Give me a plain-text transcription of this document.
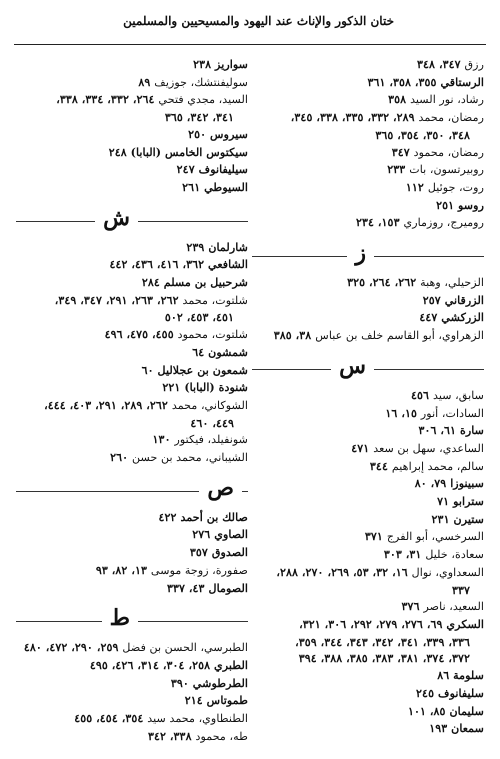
ختان الذكور والإناث عند اليهود والمسيحيين والمسلمين
رزق ٣٤٧، ٣٤٨
الرستاقي ٣٥٥، ٣٥٨، ٣٦١
رشاد، نور السيد ٣٥٨
رمضان، محمد ٢٨٩، ٣٣٢، ٣٣٥، ٣٣٨، ٣٤٥،
٣٤٨، ٣٥٠، ٣٥٤، ٣٦٥
رمضان، محمود ٣٤٧
روبيرتسون، بات ٢٣٣
روت، جوئيل ١١٢
روسو ٢٥١
روميرج، روزماري ١٥٣، ٢٣٤
ز
الزحيلي، وهبة ٢٦٢، ٢٦٤، ٣٢٥
الزرقاني ٢٥٧
الزركشي ٤٤٧
الزهراوي، أبو القاسم خلف بن عباس ٣٨، ٣٨٥
س
سابق، سيد ٤٥٦
السادات، أنور ١٥، ١٦
سارة ٦١، ٣٠٦
الساعدي، سهل بن سعد ٤٧١
سالم، محمد إبراهيم ٣٤٤
سبينوزا ٧٩، ٨٠
سترابو ٧١
ستيرن ٢٣١
السرخسي، أبو الفرج ٣٧١
سعادة، خليل ٣١، ٣٠٣
السعداوي، نوال ١٦، ٣٢، ٥٣، ٢٦٩، ٢٧٠، ٢٨٨،
٣٣٧
السعيد، ناصر ٣٧٦
السكري ٦٩، ٢٧٦، ٢٧٩، ٢٩٢، ٣٠٦، ٣٢١،
٣٣٦، ٣٣٩، ٣٤١، ٣٤٢، ٣٤٣، ٣٤٤، ٣٥٩،
٣٧٢، ٣٧٤، ٣٨١، ٣٨٣، ٣٨٥، ٣٨٨، ٣٩٤
سلومة ٨٦
سليفانوف ٢٤٥
سليمان ٨٥، ١٠١
سمعان ١٩٣
سواريز ٢٣٨
سوليفنتشك، جوزيف ٨٩
السيد، مجدي فتحي ٢٦٤، ٣٣٢، ٣٣٤، ٣٣٨،
٣٤١، ٣٤٢، ٣٦٥
سيروس ٢٥٠
سيكتوس الخامس (البابا) ٢٤٨
سيليفانوف ٢٤٧
السيوطي ٢٦١
ش
شارلمان ٢٣٩
الشافعي ٣٦٢، ٤١٦، ٤٣٦، ٤٤٢
شرحبيل بن مسلم ٢٨٤
شلتوت، محمد ٢٦٢، ٢٦٣، ٢٩١، ٣٤٧، ٣٤٩،
٤٥١، ٤٥٣، ٥٠٢
شلتوت، محمود ٤٥٥، ٤٧٥، ٤٩٦
شمشون ٦٤
شمعون بن عجلاليل ٦٠
شنودة (البابا) ٢٢١
الشوكاني، محمد ٢٦٢، ٢٨٩، ٢٩١، ٤٠٣، ٤٤٤،
٤٤٩، ٤٦٠
شونفيلد، فيكتور ١٣٠
الشيباني، محمد بن حسن ٢٦٠
ص
صالك بن أحمد ٤٢٢
الصاوي ٢٧٦
الصدوق ٣٥٧
صفورة، زوجة موسى ١٣، ٨٢، ٩٣
الصومال ٤٣، ٣٣٧
ط
الطبرسي، الحسن بن فضل ٢٥٩، ٢٩٠، ٤٧٢، ٤٨٠
الطبري ٢٥٨، ٣٠٤، ٣١٤، ٤٢٦، ٤٩٥
الطرطوشي ٣٩٠
طموتاس ٢١٤
الطنطاوي، محمد سيد ٣٥٤، ٤٥٤، ٤٥٥
طه، محمود ٣٣٨، ٣٤٢
